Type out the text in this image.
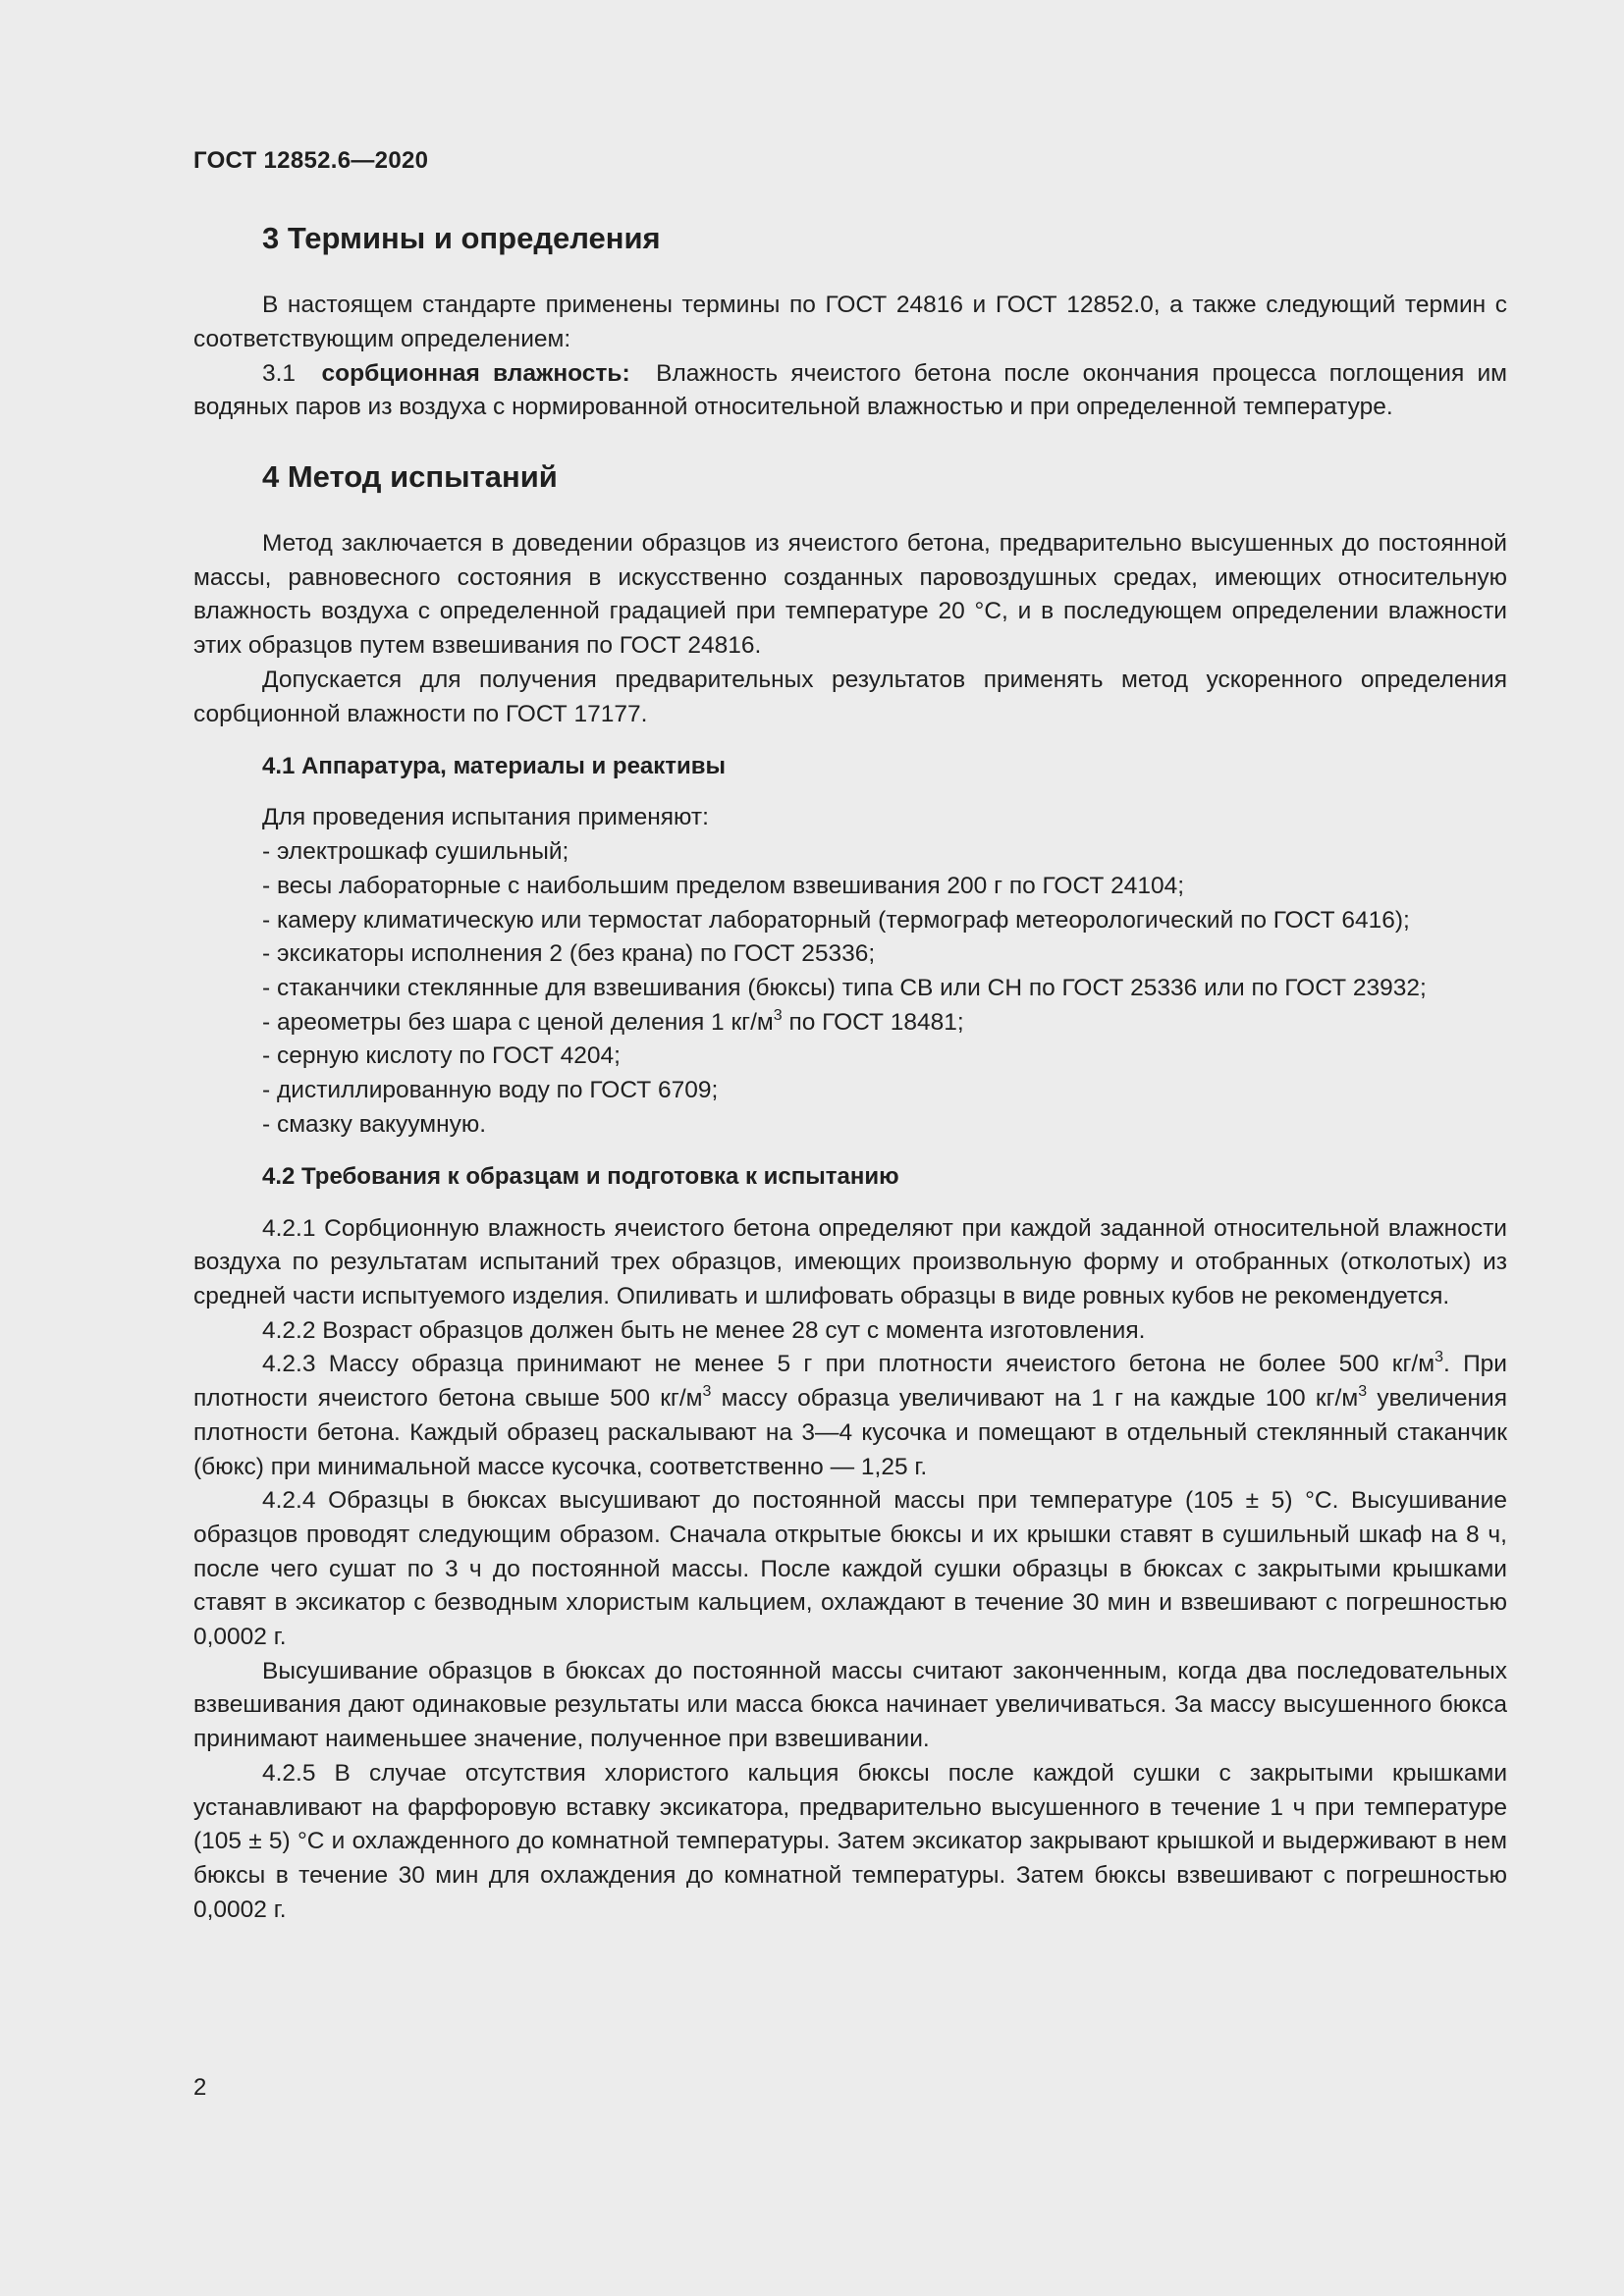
ГОСТ 12852.6—2020
3 Термины и определения

В настоящем стандарте применены термины по ГОСТ 24816 и ГОСТ 12852.0, а также следующий термин с соответствующим определением:

3.1 сорбционная влажность: Влажность ячеистого бетона после окончания процесса поглощения им водяных паров из воздуха с нормированной относительной влажностью и при определенной температуре.

4 Метод испытаний

Метод заключается в доведении образцов из ячеистого бетона, предварительно высушенных до постоянной массы, равновесного состояния в искусственно созданных паровоздушных средах, имеющих относительную влажность воздуха с определенной градацией при температуре 20 °С, и в последующем определении влажности этих образцов путем взвешивания по ГОСТ 24816.

Допускается для получения предварительных результатов применять метод ускоренного определения сорбционной влажности по ГОСТ 17177.

4.1 Аппаратура, материалы и реактивы

Для проведения испытания применяют:

- электрошкаф сушильный;

- весы лабораторные с наибольшим пределом взвешивания 200 г по ГОСТ 24104;

- камеру климатическую или термостат лабораторный (термограф метеорологический по ГОСТ 6416);

- эксикаторы исполнения 2 (без крана) по ГОСТ 25336;

- стаканчики стеклянные для взвешивания (бюксы) типа СВ или СН по ГОСТ 25336 или по ГОСТ 23932;

- ареометры без шара с ценой деления 1 $кг/м^3$ по ГОСТ 18481;

- серную кислоту по ГОСТ 4204;

- дистиллированную воду по ГОСТ 6709;

- смазку вакуумную.

4.2 Требования к образцам и подготовка к испытанию

4.2.1 Сорбционную влажность ячеистого бетона определяют при каждой заданной относительной влажности воздуха по результатам испытаний трех образцов, имеющих произвольную форму и отобранных (отколотых) из средней части испытуемого изделия. Опиливать и шлифовать образцы в виде ровных кубов не рекомендуется.

4.2.2 Возраст образцов должен быть не менее 28 сут с момента изготовления.

4.2.3 Массу образца принимают не менее 5 г при плотности ячеистого бетона не более 500 $кг/м^3$. При плотности ячеистого бетона свыше 500 $кг/м^3$ массу образца увеличивают на 1 г на каждые 100 $кг/м^3$ увеличения плотности бетона. Каждый образец раскалывают на 3—4 кусочка и помещают в отдельный стеклянный стаканчик (бюкс) при минимальной массе кусочка, соответственно — 1,25 г.

4.2.4 Образцы в бюксах высушивают до постоянной массы при температуре (105 ± 5) °С. Высушивание образцов проводят следующим образом. Сначала открытые бюксы и их крышки ставят в сушильный шкаф на 8 ч, после чего сушат по 3 ч до постоянной массы. После каждой сушки образцы в бюксах с закрытыми крышками ставят в эксикатор с безводным хлористым кальцием, охлаждают в течение 30 мин и взвешивают с погрешностью 0,0002 г.

Высушивание образцов в бюксах до постоянной массы считают законченным, когда два последовательных взвешивания дают одинаковые результаты или масса бюкса начинает увеличиваться. За массу высушенного бюкса принимают наименьшее значение, полученное при взвешивании.

4.2.5 В случае отсутствия хлористого кальция бюксы после каждой сушки с закрытыми крышками устанавливают на фарфоровую вставку эксикатора, предварительно высушенного в течение 1 ч при температуре (105 ± 5) °С и охлажденного до комнатной температуры. Затем эксикатор закрывают крышкой и выдерживают в нем бюксы в течение 30 мин для охлаждения до комнатной температуры. Затем бюксы взвешивают с погрешностью 0,0002 г.

2
